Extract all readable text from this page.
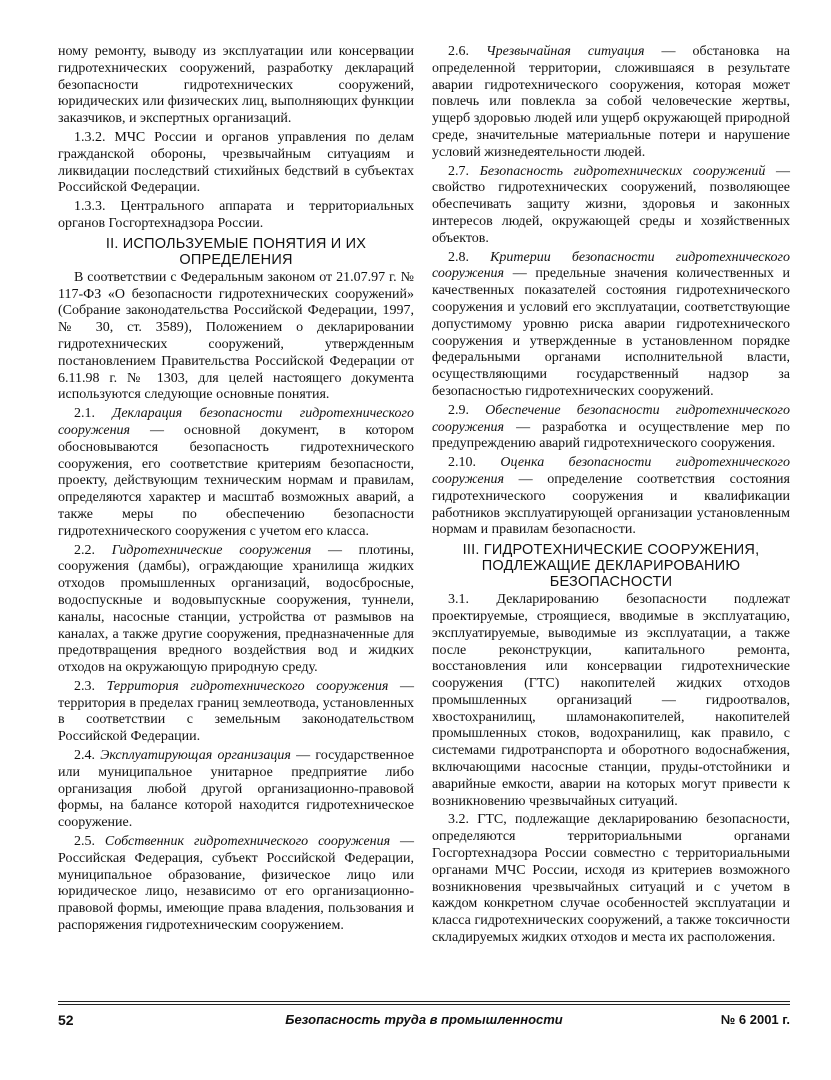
ному ремонту, выводу из эксплуатации или консервации гидротехнических сооружений, разработку деклараций безопасности гидротехнических сооружений, юридических или физических лиц, выполняющих функции заказчиков, и экспертных организаций.

1.3.2. МЧС России и органов управления по делам гражданской обороны, чрезвычайным ситуациям и ликвидации последствий стихийных бедствий в субъектах Российской Федерации.

1.3.3. Центрального аппарата и территориальных органов Госгортехнадзора России.

II. ИСПОЛЬЗУЕМЫЕ ПОНЯТИЯ И ИХ ОПРЕДЕЛЕНИЯ

В соответствии с Федеральным законом от 21.07.97 г. № 117-ФЗ «О безопасности гидротехнических сооружений» (Собрание законодательства Российской Федерации, 1997, № 30, ст. 3589), Положением о декларировании гидротехнических сооружений, утвержденным постановлением Правительства Российской Федерации от 6.11.98 г. № 1303, для целей настоящего документа используются следующие основные понятия.

2.1. Декларация безопасности гидротехнического сооружения — основной документ, в котором обосновываются безопасность гидротехнического сооружения, его соответствие критериям безопасности, проекту, действующим техническим нормам и правилам, определяются характер и масштаб возможных аварий, а также меры по обеспечению безопасности гидротехнического сооружения с учетом его класса.

2.2. Гидротехнические сооружения — плотины, сооружения (дамбы), ограждающие хранилища жидких отходов промышленных организаций, водосбросные, водоспускные и водовыпускные сооружения, туннели, каналы, насосные станции, устройства от размывов на каналах, а также другие сооружения, предназначенные для предотвращения вредного воздействия вод и жидких отходов на окружающую природную среду.

2.3. Территория гидротехнического сооружения — территория в пределах границ землеотвода, установленных в соответствии с земельным законодательством Российской Федерации.

2.4. Эксплуатирующая организация — государственное или муниципальное унитарное предприятие либо организация любой другой организационно-правовой формы, на балансе которой находится гидротехническое сооружение.

2.5. Собственник гидротехнического сооружения — Российская Федерация, субъект Российской Федерации, муниципальное образование, физическое лицо или юридическое лицо, независимо от его организационно-правовой формы, имеющие права владения, пользования и распоряжения гидротехническим сооружением.

2.6. Чрезвычайная ситуация — обстановка на определенной территории, сложившаяся в результате аварии гидротехнического сооружения, которая может повлечь или повлекла за собой человеческие жертвы, ущерб здоровью людей или ущерб окружающей природной среде, значительные материальные потери и нарушение условий жизнедеятельности людей.

2.7. Безопасность гидротехнических сооружений — свойство гидротехнических сооружений, позволяющее обеспечивать защиту жизни, здоровья и законных интересов людей, окружающей среды и хозяйственных объектов.

2.8. Критерии безопасности гидротехнического сооружения — предельные значения количественных и качественных показателей состояния гидротехнического сооружения и условий его эксплуатации, соответствующие допустимому уровню риска аварии гидротехнического сооружения и утвержденные в установленном порядке федеральными органами исполнительной власти, осуществляющими государственный надзор за безопасностью гидротехнических сооружений.

2.9. Обеспечение безопасности гидротехнического сооружения — разработка и осуществление мер по предупреждению аварий гидротехнического сооружения.

2.10. Оценка безопасности гидротехнического сооружения — определение соответствия состояния гидротехнического сооружения и квалификации работников эксплуатирующей организации установленным нормам и правилам безопасности.

III. ГИДРОТЕХНИЧЕСКИЕ СООРУЖЕНИЯ, ПОДЛЕЖАЩИЕ ДЕКЛАРИРОВАНИЮ БЕЗОПАСНОСТИ

3.1. Декларированию безопасности подлежат проектируемые, строящиеся, вводимые в эксплуатацию, эксплуатируемые, выводимые из эксплуатации, а также после реконструкции, капитального ремонта, восстановления или консервации гидротехнические сооружения (ГТС) накопителей жидких отходов промышленных организаций — гидроотвалов, хвостохранилищ, шламонакопителей, накопителей промышленных стоков, водохранилищ, как правило, с системами гидротранспорта и оборотного водоснабжения, включающими насосные станции, пруды-отстойники и аварийные емкости, аварии на которых могут привести к возникновению чрезвычайных ситуаций.

3.2. ГТС, подлежащие декларированию безопасности, определяются территориальными органами Госгортехнадзора России совместно с территориальными органами МЧС России, исходя из критериев возможного возникновения чрезвычайных ситуаций и с учетом в каждом конкретном случае особенностей эксплуатации и класса гидротехнических сооружений, а также токсичности складируемых жидких отходов и места их расположения.

52	Безопасность труда в промышленности	№ 6 2001 г.
